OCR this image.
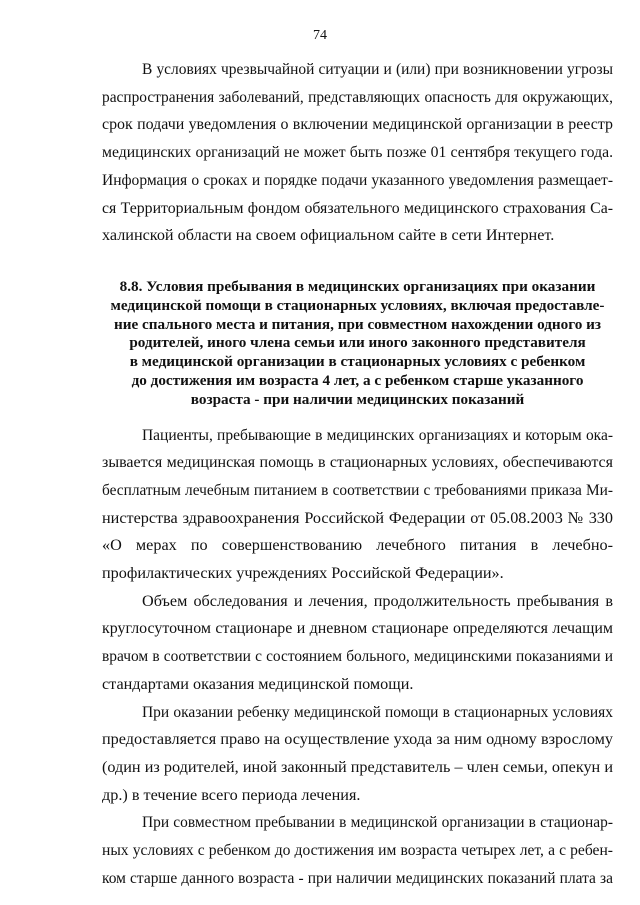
74

В условиях чрезвычайной ситуации и (или) при возникновении угрозы
распространения заболеваний, представляющих опасность для окружающих,
срок подачи уведомления о включении медицинской организации в реестр
медицинских организаций не может быть позже 01 сентября текущего года.
Информация о сроках и порядке подачи указанного уведомления размещает-
ся Территориальным фондом обязательного медицинского страхования Са-
халинской области на своем официальном сайте в сети Интернет.

8.8. Условия пребывания в медицинских организациях при оказании
медицинской помощи в стационарных условиях, включая предоставле-
ние спального места и питания, при совместном нахождении одного из
родителей, иного члена семьи или иного законного представителя
в медицинской организации в стационарных условиях с ребенком
до достижения им возраста 4 лет, а с ребенком старше указанного
возраста - при наличии медицинских показаний

Пациенты, пребывающие в медицинских организациях и которым ока-
зывается медицинская помощь в стационарных условиях, обеспечиваются
бесплатным лечебным питанием в соответствии с требованиями приказа Ми-
нистерства здравоохранения Российской Федерации от 05.08.2003 № 330
«О мерах по совершенствованию лечебного питания в лечебно-
профилактических учреждениях Российской Федерации».

Объем обследования и лечения, продолжительность пребывания в
круглосуточном стационаре и дневном стационаре определяются лечащим
врачом в соответствии с состоянием больного, медицинскими показаниями и
стандартами оказания медицинской помощи.

При оказании ребенку медицинской помощи в стационарных условиях
предоставляется право на осуществление ухода за ним одному взрослому
(один из родителей, иной законный представитель – член семьи, опекун и
др.) в течение всего периода лечения.

При совместном пребывании в медицинской организации в стационар-
ных условиях с ребенком до достижения им возраста четырех лет, а с ребен-
ком старше данного возраста - при наличии медицинских показаний плата за
